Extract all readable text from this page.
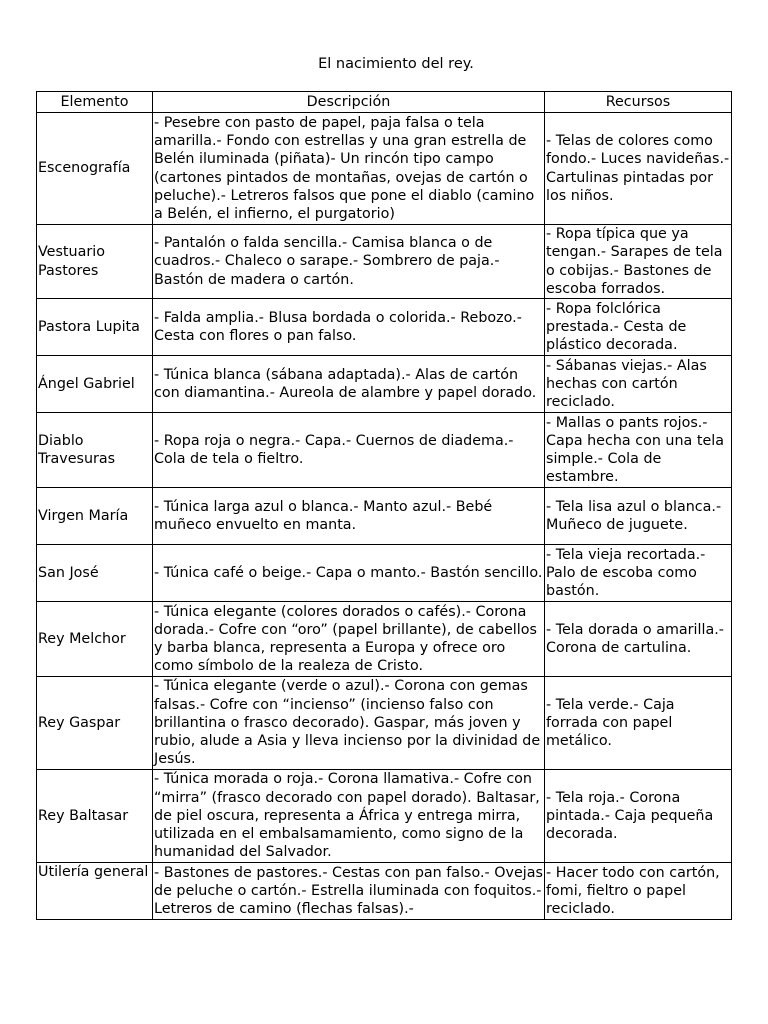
El nacimiento del rey.
Elemento	Descripción	Recursos
Escenografía	- Pesebre con pasto de papel, paja falsa o tela amarilla.- Fondo con estrellas y una gran estrella de Belén iluminada (piñata)- Un rincón tipo campo (cartones pintados de montañas, ovejas de cartón o peluche).- Letreros falsos que pone el diablo (camino a Belén, el infierno, el purgatorio)	- Telas de colores como fondo.- Luces navideñas.- Cartulinas pintadas por los niños.
Vestuario Pastores	- Pantalón o falda sencilla.- Camisa blanca o de cuadros.- Chaleco o sarape.- Sombrero de paja.- Bastón de madera o cartón.	- Ropa típica que ya tengan.- Sarapes de tela o cobijas.- Bastones de escoba forrados.
Pastora Lupita	- Falda amplia.- Blusa bordada o colorida.- Rebozo.- Cesta con flores o pan falso.	- Ropa folclórica prestada.- Cesta de plástico decorada.
Ángel Gabriel	- Túnica blanca (sábana adaptada).- Alas de cartón con diamantina.- Aureola de alambre y papel dorado.	- Sábanas viejas.- Alas hechas con cartón reciclado.
Diablo Travesuras	- Ropa roja o negra.- Capa.- Cuernos de diadema.- Cola de tela o fieltro.	- Mallas o pants rojos.- Capa hecha con una tela simple.- Cola de estambre.
Virgen María	- Túnica larga azul o blanca.- Manto azul.- Bebé muñeco envuelto en manta.	- Tela lisa azul o blanca.- Muñeco de juguete.
San José	- Túnica café o beige.- Capa o manto.- Bastón sencillo.	- Tela vieja recortada.- Palo de escoba como bastón.
Rey Melchor	- Túnica elegante (colores dorados o cafés).- Corona dorada.- Cofre con “oro” (papel brillante), de cabellos y barba blanca, representa a Europa y ofrece oro como símbolo de la realeza de Cristo.	- Tela dorada o amarilla.- Corona de cartulina.
Rey Gaspar	- Túnica elegante (verde o azul).- Corona con gemas falsas.- Cofre con “incienso” (incienso falso con brillantina o frasco decorado). Gaspar, más joven y rubio, alude a Asia y lleva incienso por la divinidad de Jesús.	- Tela verde.- Caja forrada con papel metálico.
Rey Baltasar	- Túnica morada o roja.- Corona llamativa.- Cofre con “mirra” (frasco decorado con papel dorado). Baltasar, de piel oscura, representa a África y entrega mirra, utilizada en el embalsamamiento, como signo de la humanidad del Salvador.	- Tela roja.- Corona pintada.- Caja pequeña decorada.
Utilería general	- Bastones de pastores.- Cestas con pan falso.- Ovejas de peluche o cartón.- Estrella iluminada con foquitos.- Letreros de camino (flechas falsas).-	- Hacer todo con cartón, fomi, fieltro o papel reciclado.
